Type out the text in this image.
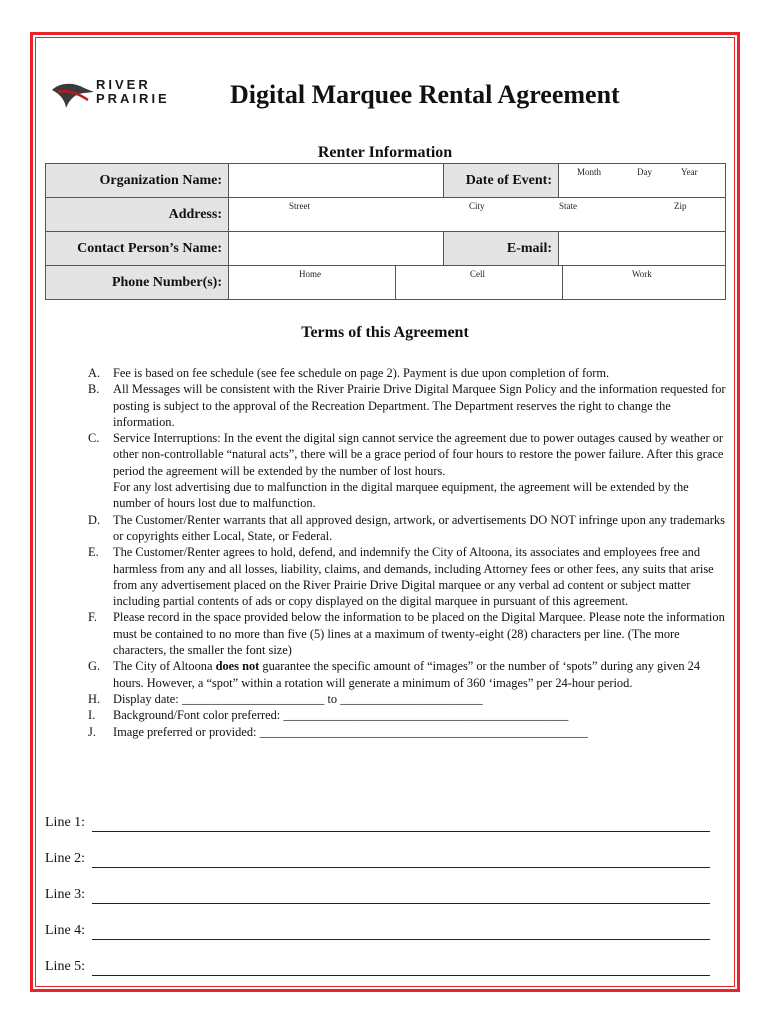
RIVER
PRAIRIE Digital Marquee Rental Agreement
Renter Information
Organization Name:		Date of Event:	Month Day Year

Address:	Street City State Zip		

Contact Person’s Name:		E-mail:	
Phone Number(s):	Home Cell Work		
Terms of this Agreement
A. Fee is based on fee schedule (see fee schedule on page 2). Payment is due upon completion of form.
B. All Messages will be consistent with the River Prairie Drive Digital Marquee Sign Policy and the information requested for posting is subject to the approval of the Recreation Department. The Department reserves the right to change the information.
C. Service Interruptions: In the event the digital sign cannot service the agreement due to power outages caused by weather or other non-controllable “natural acts”, there will be a grace period of four hours to restore the power failure. After this grace period the agreement will be extended by the number of lost hours.
For any lost advertising due to malfunction in the digital marquee equipment, the agreement will be extended by the number of hours lost due to malfunction.
D. The Customer/Renter warrants that all approved design, artwork, or advertisements DO NOT infringe upon any trademarks or copyrights either Local, State, or Federal.
E. The Customer/Renter agrees to hold, defend, and indemnify the City of Altoona, its associates and employees free and harmless from any and all losses, liability, claims, and demands, including Attorney fees or other fees, any suits that arise from any advertisement placed on the River Prairie Drive Digital marquee or any verbal ad content or subject matter including partial contents of ads or copy displayed on the digital marquee in pursuant of this agreement.
F. Please record in the space provided below the information to be placed on the Digital Marquee. Please note the information must be contained to no more than five (5) lines at a maximum of twenty-eight (28) characters per line. (The more characters, the smaller the font size)
G. The City of Altoona does not guarantee the specific amount of “images” or the number of ‘spots” during any given 24 hours. However, a “spot” within a rotation will generate a minimum of 360 ‘images” per 24-hour period.
H. Display date: _______________________ to _______________________
I. Background/Font color preferred: ______________________________________________
J. Image preferred or provided: _____________________________________________________
Line 1:
Line 2:
Line 3:
Line 4:
Line 5:
